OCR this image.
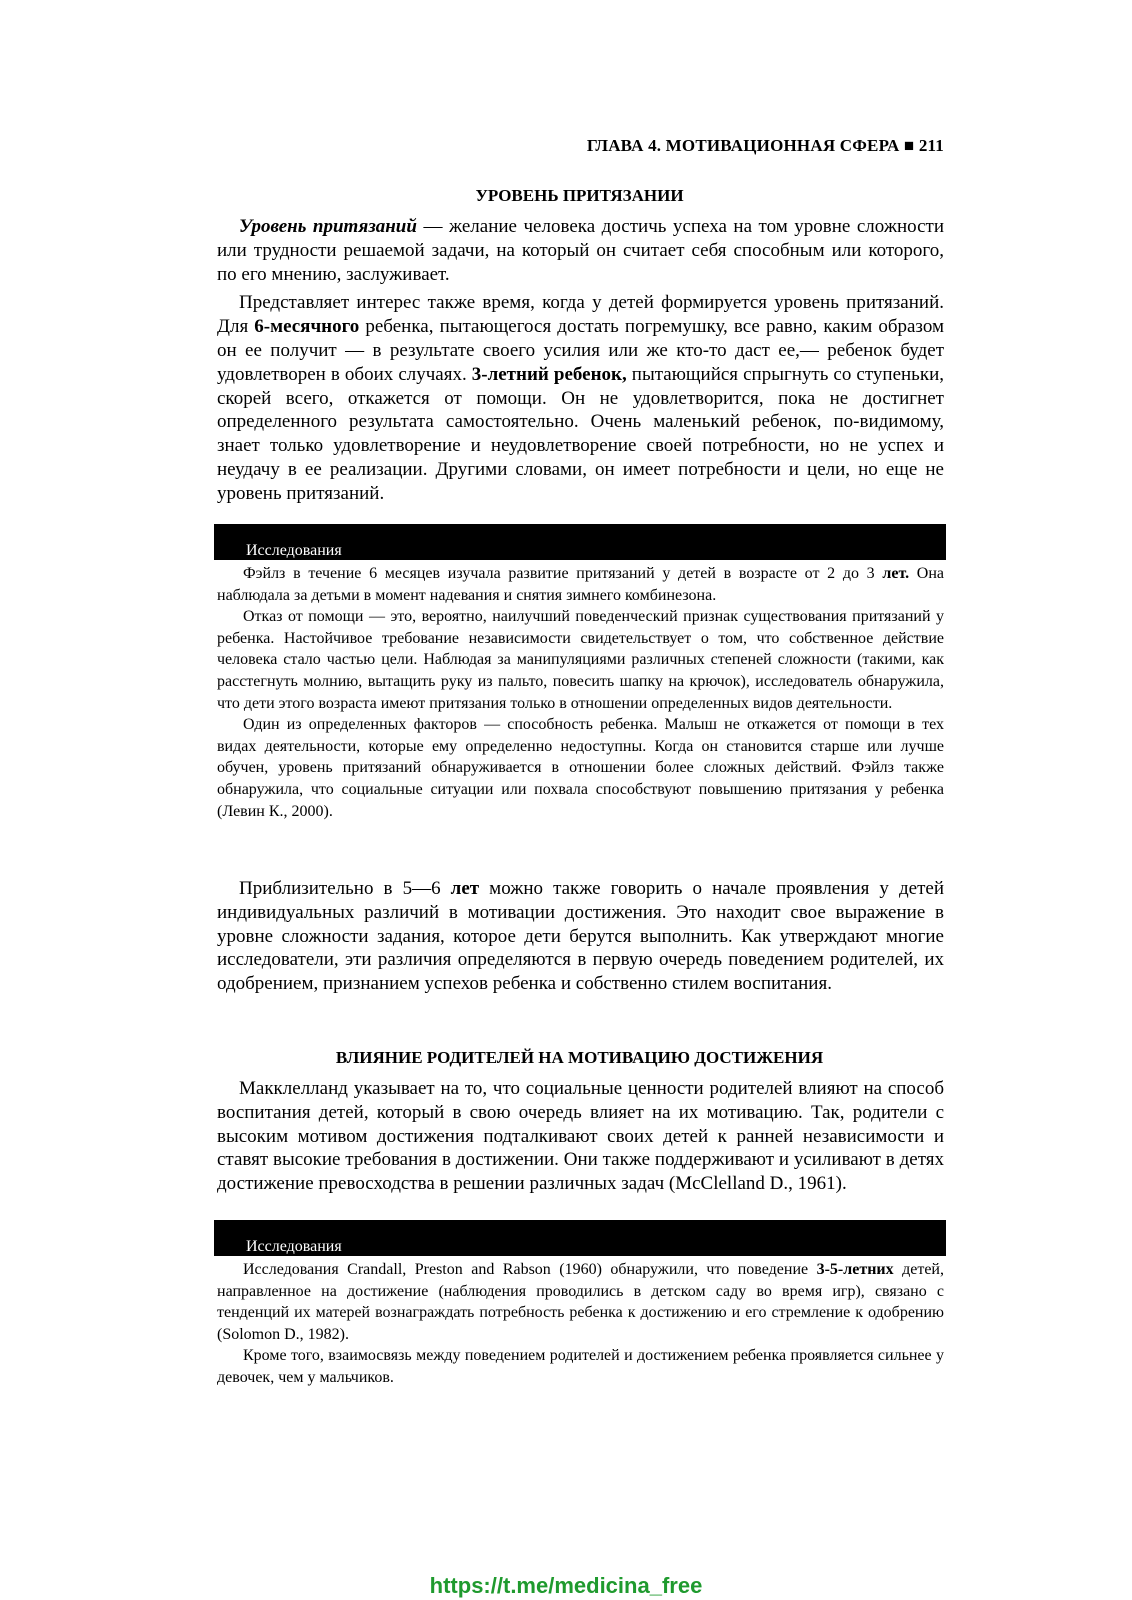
ГЛАВА 4. МОТИВАЦИОННАЯ СФЕРА ■ 211
УРОВЕНЬ ПРИТЯЗАНИИ

Уровень притязаний — желание человека достичь успеха на том уровне сложности или трудности решаемой задачи, на который он считает себя способным или которого, по его мнению, заслуживает.

Представляет интерес также время, когда у детей формируется уровень притязаний. Для 6-месячного ребенка, пытающегося достать погремушку, все равно, каким образом он ее получит — в результате своего усилия или же кто-то даст ее,— ребенок будет удовлетворен в обоих случаях. 3-летний ребенок, пытающийся спрыгнуть со ступеньки, скорей всего, откажется от помощи. Он не удовлетворится, пока не достигнет определенного результата самостоятельно. Очень маленький ребенок, по-видимому, знает только удовлетворение и неудовлетворение своей потребности, но не успех и неудачу в ее реализации. Другими словами, он имеет потребности и цели, но еще не уровень притязаний.

Исследования

Фэйлз в течение 6 месяцев изучала развитие притязаний у детей в возрасте от 2 до 3 лет. Она наблюдала за детьми в момент надевания и снятия зимнего комбинезона.

Отказ от помощи — это, вероятно, наилучший поведенческий признак существования притязаний у ребенка. Настойчивое требование независимости свидетельствует о том, что собственное действие человека стало частью цели. Наблюдая за манипуляциями различных степеней сложности (такими, как расстегнуть молнию, вытащить руку из пальто, повесить шапку на крючок), исследователь обнаружила, что дети этого возраста имеют притязания только в отношении определенных видов деятельности.

Один из определенных факторов — способность ребенка. Малыш не откажется от помощи в тех видах деятельности, которые ему определенно недоступны. Когда он становится старше или лучше обучен, уровень притязаний обнаруживается в отношении более сложных действий. Фэйлз также обнаружила, что социальные ситуации или похвала способствуют повышению притязания у ребенка (Левин К., 2000).

Приблизительно в 5—6 лет можно также говорить о начале проявления у детей индивидуальных различий в мотивации достижения. Это находит свое выражение в уровне сложности задания, которое дети берутся выполнить. Как утверждают многие исследователи, эти различия определяются в первую очередь поведением родителей, их одобрением, признанием успехов ребенка и собственно стилем воспитания.

ВЛИЯНИЕ РОДИТЕЛЕЙ НА МОТИВАЦИЮ ДОСТИЖЕНИЯ

Макклелланд указывает на то, что социальные ценности родителей влияют на способ воспитания детей, который в свою очередь влияет на их мотивацию. Так, родители с высоким мотивом достижения подталкивают своих детей к ранней независимости и ставят высокие требования в достижении. Они также поддерживают и усиливают в детях достижение превосходства в решении различных задач (McClelland D., 1961).

Исследования

Исследования Crandall, Preston and Rabson (1960) обнаружили, что поведение 3-5-летних детей, направленное на достижение (наблюдения проводились в детском саду во время игр), связано с тенденций их матерей вознаграждать потребность ребенка к достижению и его стремление к одобрению (Solomon D., 1982).

Кроме того, взаимосвязь между поведением родителей и достижением ребенка проявляется сильнее у девочек, чем у мальчиков.

https://t.me/medicina_free
